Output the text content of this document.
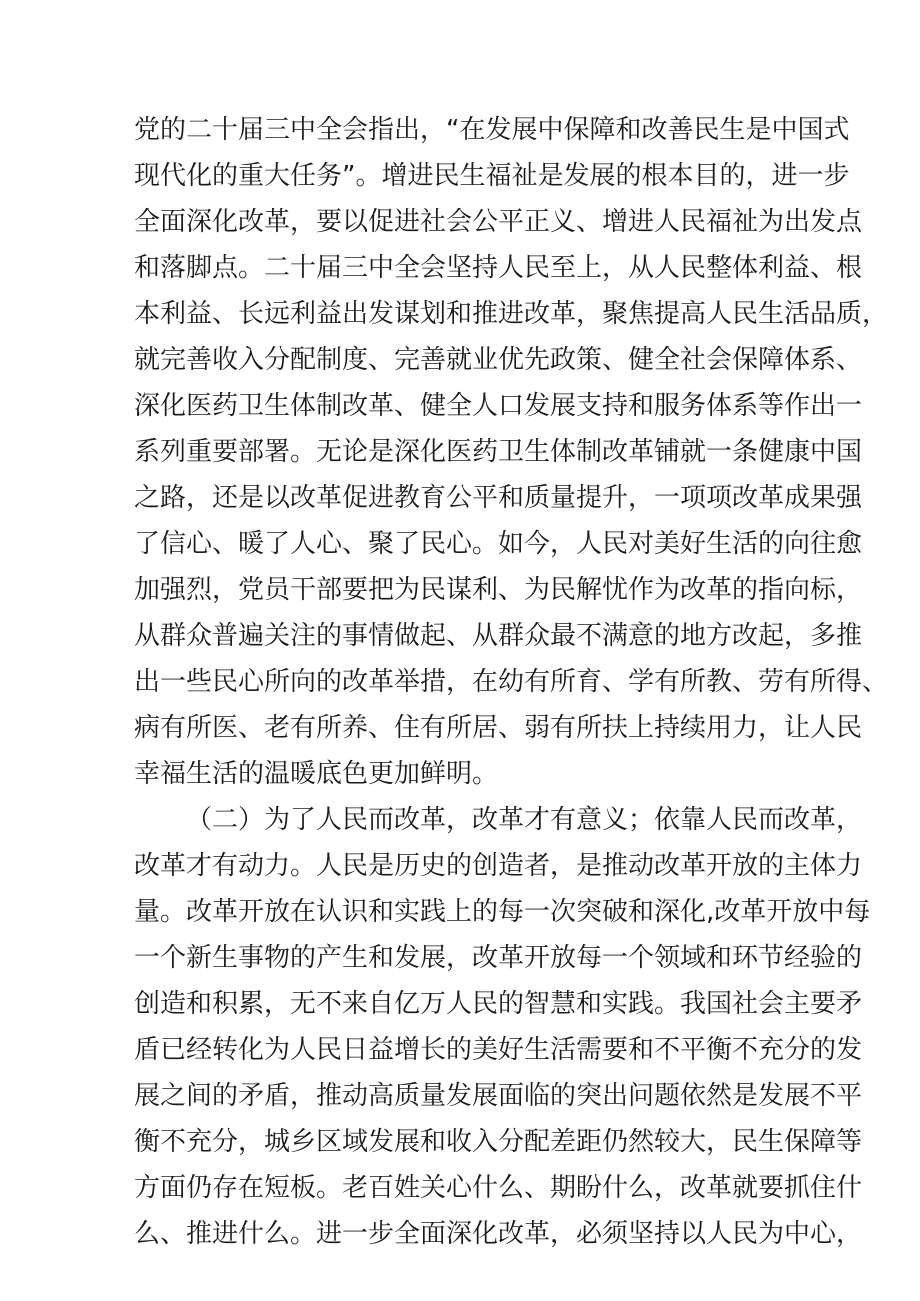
党的二十届三中全会指出，“在发展中保障和改善民生是中国式
现代化的重大任务”。增进民生福祉是发展的根本目的，进一步
全面深化改革，要以促进社会公平正义、增进人民福祉为出发点
和落脚点。二十届三中全会坚持人民至上，从人民整体利益、根
本利益、长远利益出发谋划和推进改革，聚焦提高人民生活品质，
就完善收入分配制度、完善就业优先政策、健全社会保障体系、
深化医药卫生体制改革、健全人口发展支持和服务体系等作出一
系列重要部署。无论是深化医药卫生体制改革铺就一条健康中国
之路，还是以改革促进教育公平和质量提升，一项项改革成果强
了信心、暖了人心、聚了民心。如今，人民对美好生活的向往愈
加强烈，党员干部要把为民谋利、为民解忧作为改革的指向标，
从群众普遍关注的事情做起、从群众最不满意的地方改起，多推
出一些民心所向的改革举措，在幼有所育、学有所教、劳有所得、
病有所医、老有所养、住有所居、弱有所扶上持续用力，让人民
幸福生活的温暖底色更加鲜明。
（二）为了人民而改革，改革才有意义；依靠人民而改革，
改革才有动力。人民是历史的创造者，是推动改革开放的主体力
量。改革开放在认识和实践上的每一次突破和深化,改革开放中每
一个新生事物的产生和发展，改革开放每一个领域和环节经验的
创造和积累，无不来自亿万人民的智慧和实践。我国社会主要矛
盾已经转化为人民日益增长的美好生活需要和不平衡不充分的发
展之间的矛盾，推动高质量发展面临的突出问题依然是发展不平
衡不充分，城乡区域发展和收入分配差距仍然较大，民生保障等
方面仍存在短板。老百姓关心什么、期盼什么，改革就要抓住什
么、推进什么。进一步全面深化改革，必须坚持以人民为中心，
